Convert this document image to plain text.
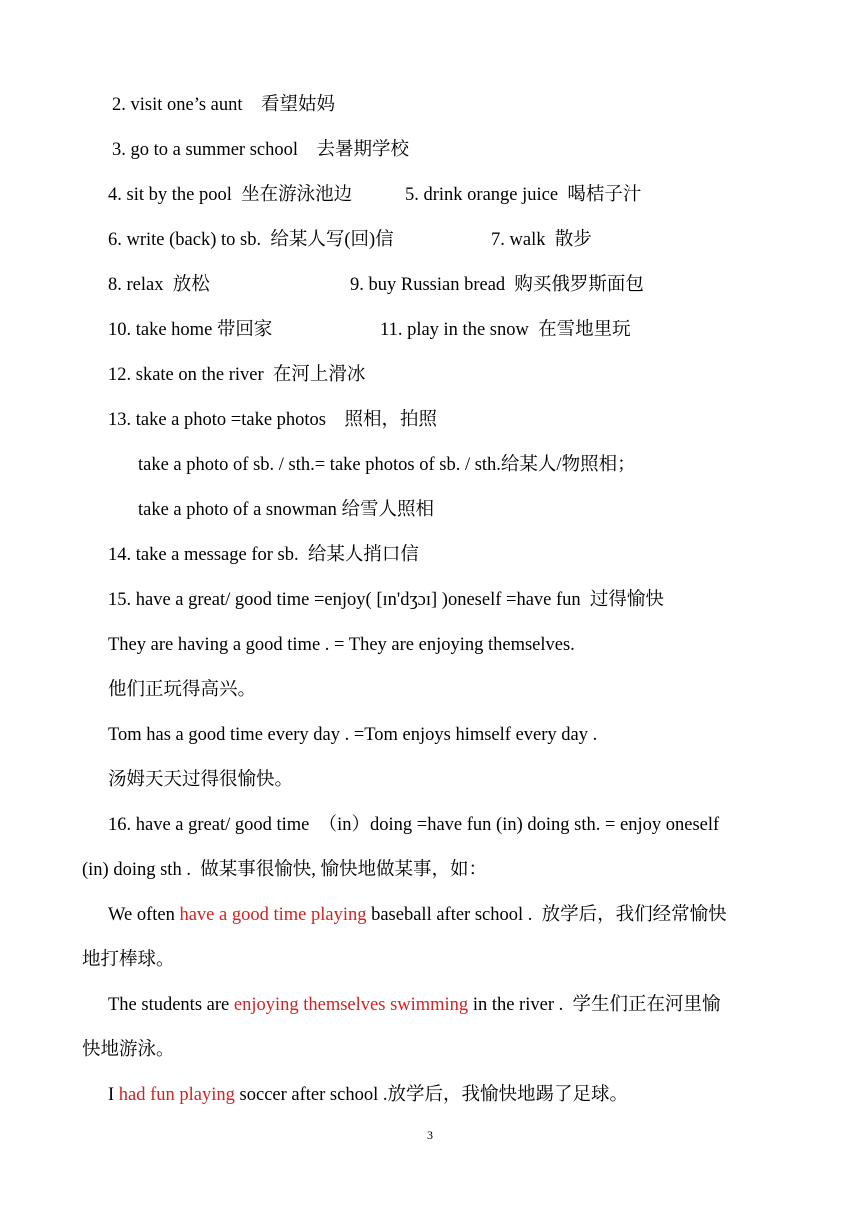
2. visit one’s aunt    看望姑妈
3. go to a summer school    去暑期学校
4. sit by the pool  坐在游泳池边	5. drink orange juice  喝桔子汁
6. write (back) to sb.  给某人写(回)信	7. walk  散步
8. relax  放松	9. buy Russian bread  购买俄罗斯面包
10. take home 带回家	11. play in the snow  在雪地里玩
12. skate on the river  在河上滑冰
13. take a photo =take photos    照相，拍照
take a photo of sb. / sth.= take photos of sb. / sth.给某人/物照相；
take a photo of a snowman 给雪人照相
14. take a message for sb.  给某人捎口信
15. have a great/ good time =enjoy( [ɪn'dʒɔɪ] )oneself =have fun  过得愉快
They are having a good time . = They are enjoying themselves.
他们正玩得高兴。
Tom has a good time every day . =Tom enjoys himself every day .
汤姆天天过得很愉快。
16. have a great/ good time  （in）doing =have fun (in) doing sth. = enjoy oneself
(in) doing sth .  做某事很愉快, 愉快地做某事，如：
We often have a good time playing baseball after school .  放学后，我们经常愉快
地打棒球。
The students are enjoying themselves swimming in the river .  学生们正在河里愉
快地游泳。
I had fun playing soccer after school .放学后，我愉快地踢了足球。
3
